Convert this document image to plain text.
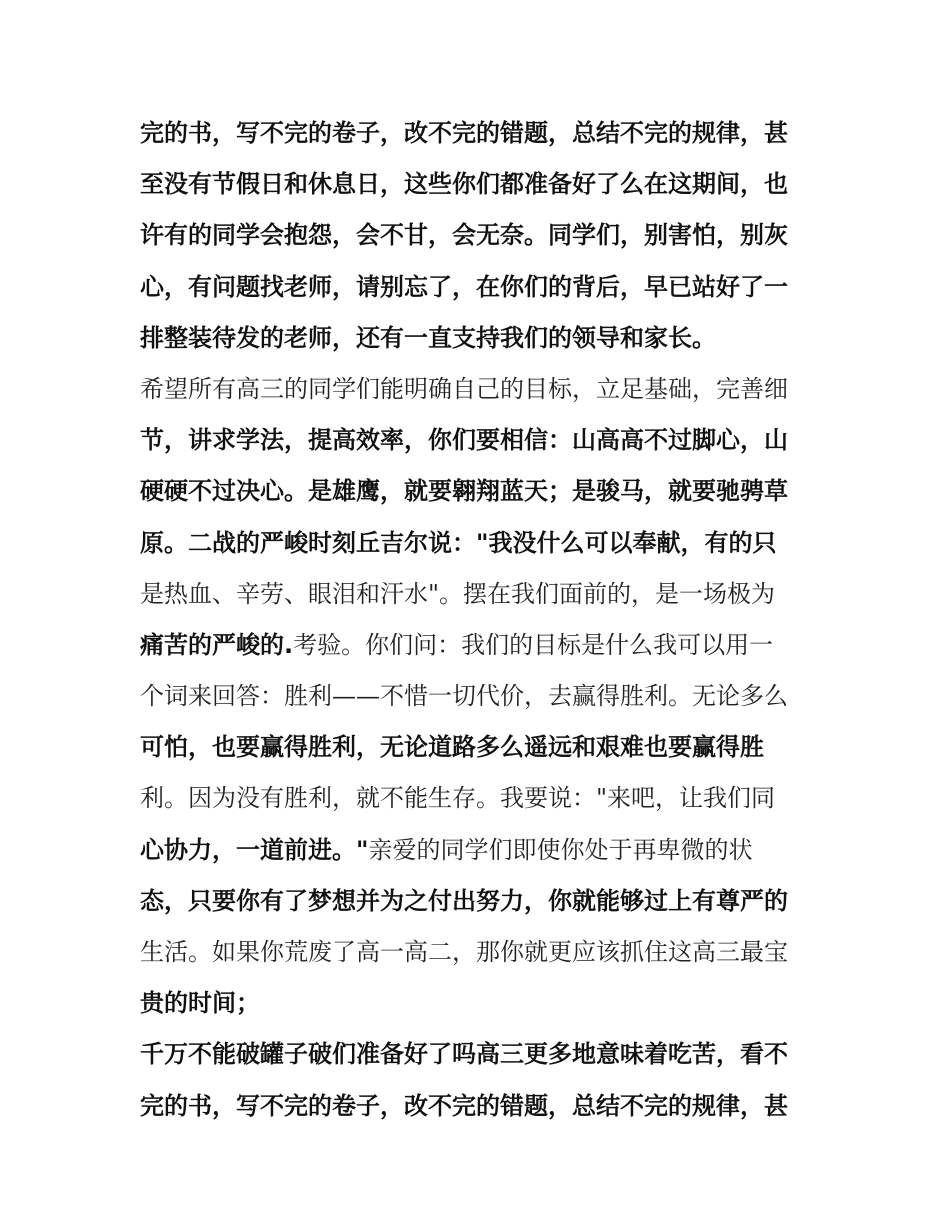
完的书，写不完的卷子，改不完的错题，总结不完的规律，甚
至没有节假日和休息日，这些你们都准备好了么在这期间，也
许有的同学会抱怨，会不甘，会无奈。同学们，别害怕，别灰
心，有问题找老师，请别忘了，在你们的背后，早已站好了一
排整装待发的老师，还有一直支持我们的领导和家长。
希望所有高三的同学们能明确自己的目标，立足基础，完善细
节，讲求学法，提高效率，你们要相信：山高高不过脚心，山
硬硬不过决心。是雄鹰，就要翱翔蓝天；是骏马，就要驰骋草
原。二战的严峻时刻丘吉尔说："我没什么可以奉献，有的只
是热血、辛劳、眼泪和汗水"。摆在我们面前的，是一场极为
痛苦的严峻的.考验。你们问：我们的目标是什么我可以用一
个词来回答：胜利——不惜一切代价，去赢得胜利。无论多么
可怕，也要赢得胜利，无论道路多么遥远和艰难也要赢得胜
利。因为没有胜利，就不能生存。我要说："来吧，让我们同
心协力，一道前进。"亲爱的同学们即使你处于再卑微的状
态，只要你有了梦想并为之付出努力，你就能够过上有尊严的
生活。如果你荒废了高一高二，那你就更应该抓住这高三最宝
贵的时间；
千万不能破罐子破们准备好了吗高三更多地意味着吃苦，看不
完的书，写不完的卷子，改不完的错题，总结不完的规律，甚
